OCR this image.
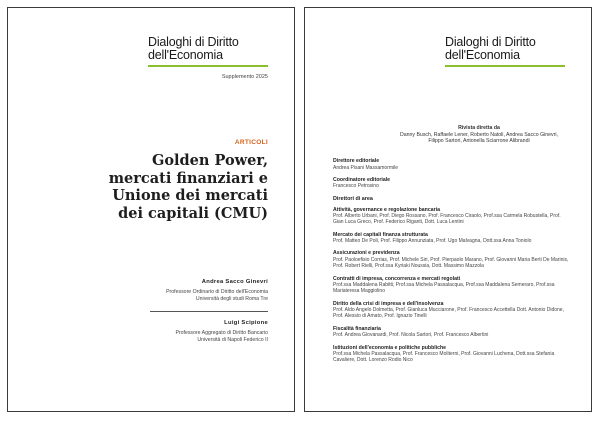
Dialoghi di Diritto
dell'Economia
Supplemento 2025
ARTICOLI
Golden Power, mercati finanziari e Unione dei mercati dei capitali (CMU)
Andrea Sacco Ginevri
Professore Ordinario di Diritto dell'Economia
Università degli studi Roma Tre
Luigi Scipione
Professore Aggregato di Diritto Bancario
Università di Napoli Federico II
Dialoghi di Diritto
dell'Economia
Rivista diretta da
Danny Busch, Raffaele Lener, Roberto Natoli, Andrea Sacco Ginevri,
Filippo Sartori, Antonella Sciarrone Alibrandi
Direttore editoriale
Andrea Pisani Massamormile
Coordinatore editoriale
Francesco Petrosino
Direttori di area
Attività, governance e regolazione bancaria
Prof. Alberto Urbani, Prof. Diego Rossano, Prof. Francesco Ciraolo, Prof.ssa Carmela Robustella, Prof. Gian Luca Greco, Prof. Federico Riganti, Dott. Luca Lentini
Mercato dei capitali finanza strutturata
Prof. Matteo De Poli, Prof. Filippo Annunziata, Prof. Ugo Malvagna, Dott.ssa Anna Toniolo
Assicurazioni e previdenza
Prof. Paoloefisio Corrias, Prof. Michele Siri, Prof. Pierpaolo Marano, Prof. Giovanni Maria Berti De Marinis, Prof. Robert Rielli, Prof.ssa Kyriaki Noussia, Dott. Massimo Mazzola
Contratti di impresa, concorrenza e mercati regolati
Prof.ssa Maddalena Rabitti, Prof.ssa Michela Passalacqua, Prof.ssa Maddalena Semeraro, Prof.ssa Mariateresa Maggiolino
Diritto della crisi di impresa e dell'insolvenza
Prof. Aldo Angelo Dolmetta, Prof. Gianluca Mucciarone, Prof. Francesco Accettella Dott. Antonio Didone, Prof. Alessio di Amato, Prof. Ignazio Tinelli
Fiscalità finanziaria
Prof. Andrea Giovanardi, Prof. Nicola Sartori, Prof. Francesco Albertini
Istituzioni dell'economia e politiche pubbliche
Prof.ssa Michela Passalacqua, Prof. Francesco Moliterni, Prof. Giovanni Luchena, Dott.ssa Stefania Cavaliere, Dott. Lorenzo Rodio Nico
